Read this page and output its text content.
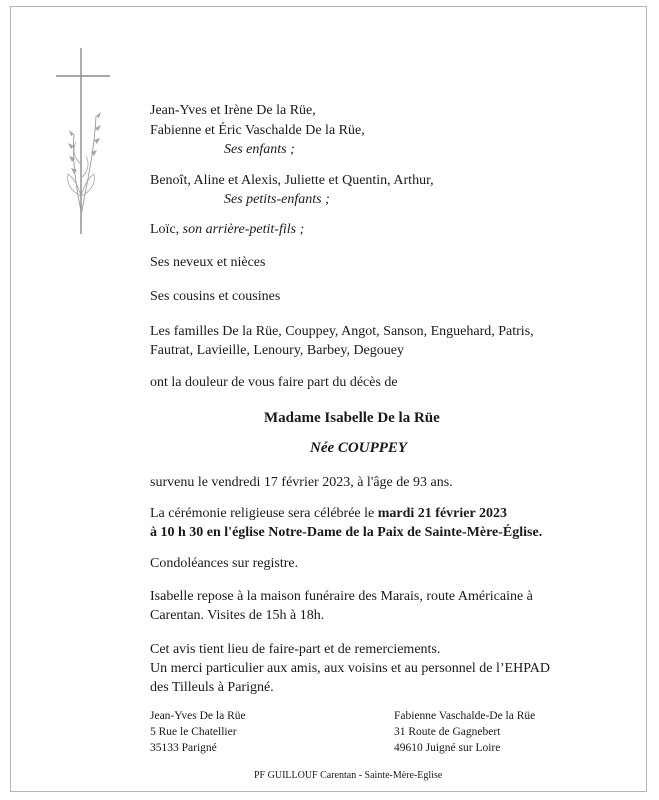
Jean-Yves et Irène De la Rüe,
Fabienne et Éric Vaschalde De la Rüe,
Ses enfants ;
Benoît, Aline et Alexis, Juliette et Quentin, Arthur,
Ses petits-enfants ;
Loïc, son arrière-petit-fils ;
Ses neveux et nièces
Ses cousins et cousines
Les familles De la Rüe, Couppey, Angot, Sanson, Enguehard, Patris,
Fautrat, Lavieille, Lenoury, Barbey, Degouey
ont la douleur de vous faire part du décès de
Madame Isabelle De la Rüe
Née COUPPEY
survenu le vendredi 17 février 2023, à l'âge de 93 ans.
La cérémonie religieuse sera célébrée le mardi 21 février 2023
à 10 h 30 en l'église Notre-Dame de la Paix de Sainte-Mère-Église.
Condoléances sur registre.
Isabelle repose à la maison funéraire des Marais, route Américaine à
Carentan. Visites de 15h à 18h.
Cet avis tient lieu de faire-part et de remerciements.
Un merci particulier aux amis, aux voisins et au personnel de l’EHPAD
des Tilleuls à Parigné.
Jean-Yves De la Rüe
5 Rue le Chatellier
35133 Parigné
Fabienne Vaschalde-De la Rüe
31 Route de Gagnebert
49610 Juigné sur Loire
PF GUILLOUF Carentan - Sainte-Mère-Eglise
